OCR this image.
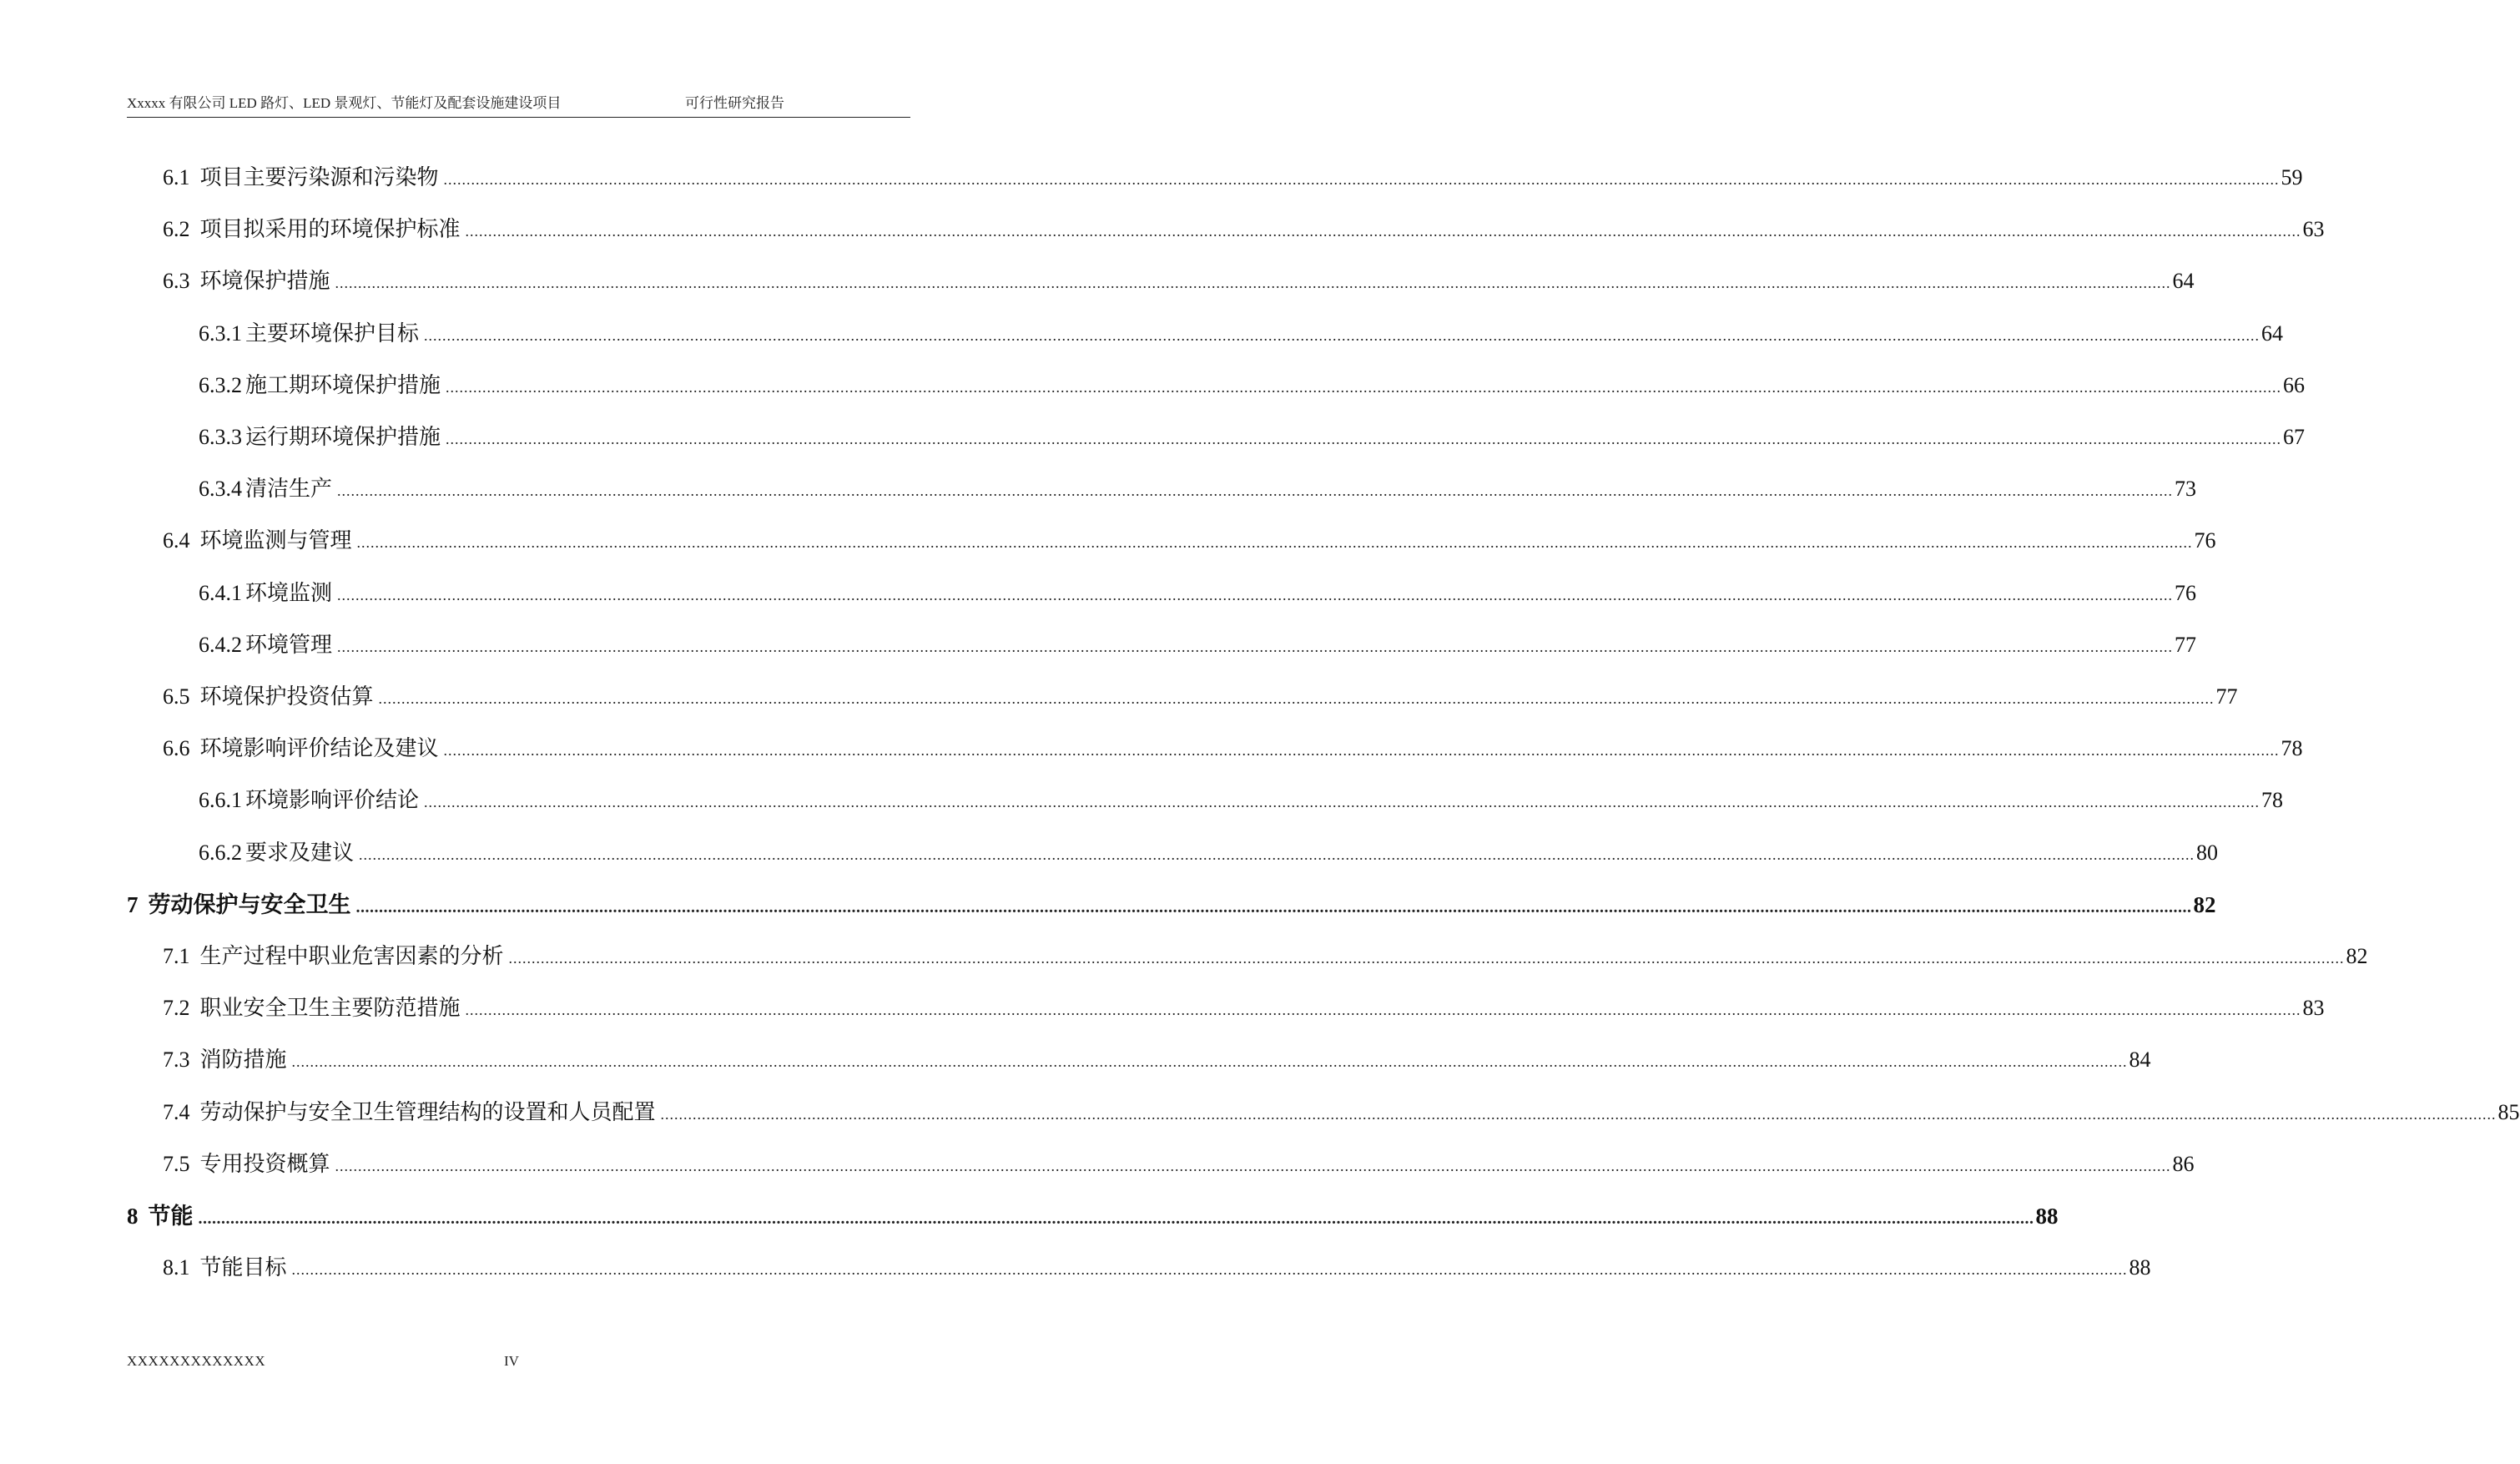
Xxxxx 有限公司 LED 路灯、LED 景观灯、节能灯及配套设施建设项目	可行性研究报告
6.1 项目主要污染源和污染物 ................................................................................................................................................................................................................................................................................................................................................................................................................ 59
6.2 项目拟采用的环境保护标准 ................................................................................................................................................................................................................................................................................................................................................................................................................ 63
6.3 环境保护措施 ................................................................................................................................................................................................................................................................................................................................................................................................................ 64
6.3.1 主要环境保护目标 ................................................................................................................................................................................................................................................................................................................................................................................................................ 64
6.3.2 施工期环境保护措施 ................................................................................................................................................................................................................................................................................................................................................................................................................ 66
6.3.3 运行期环境保护措施 ................................................................................................................................................................................................................................................................................................................................................................................................................ 67
6.3.4 清洁生产 ................................................................................................................................................................................................................................................................................................................................................................................................................ 73
6.4 环境监测与管理 ................................................................................................................................................................................................................................................................................................................................................................................................................ 76
6.4.1 环境监测 ................................................................................................................................................................................................................................................................................................................................................................................................................ 76
6.4.2 环境管理 ................................................................................................................................................................................................................................................................................................................................................................................................................ 77
6.5 环境保护投资估算 ................................................................................................................................................................................................................................................................................................................................................................................................................ 77
6.6 环境影响评价结论及建议 ................................................................................................................................................................................................................................................................................................................................................................................................................ 78
6.6.1 环境影响评价结论 ................................................................................................................................................................................................................................................................................................................................................................................................................ 78
6.6.2 要求及建议 ................................................................................................................................................................................................................................................................................................................................................................................................................ 80
7 劳动保护与安全卫生 ................................................................................................................................................................................................................................................................................................................................................................................................................ 82
7.1 生产过程中职业危害因素的分析 ................................................................................................................................................................................................................................................................................................................................................................................................................ 82
7.2 职业安全卫生主要防范措施 ................................................................................................................................................................................................................................................................................................................................................................................................................ 83
7.3 消防措施 ................................................................................................................................................................................................................................................................................................................................................................................................................ 84
7.4 劳动保护与安全卫生管理结构的设置和人员配置 ................................................................................................................................................................................................................................................................................................................................................................................................................ 85
7.5 专用投资概算 ................................................................................................................................................................................................................................................................................................................................................................................................................ 86
8 节能 ................................................................................................................................................................................................................................................................................................................................................................................................................ 88
8.1 节能目标 ................................................................................................................................................................................................................................................................................................................................................................................................................ 88
XXXXXXXXXXXXX	IV
